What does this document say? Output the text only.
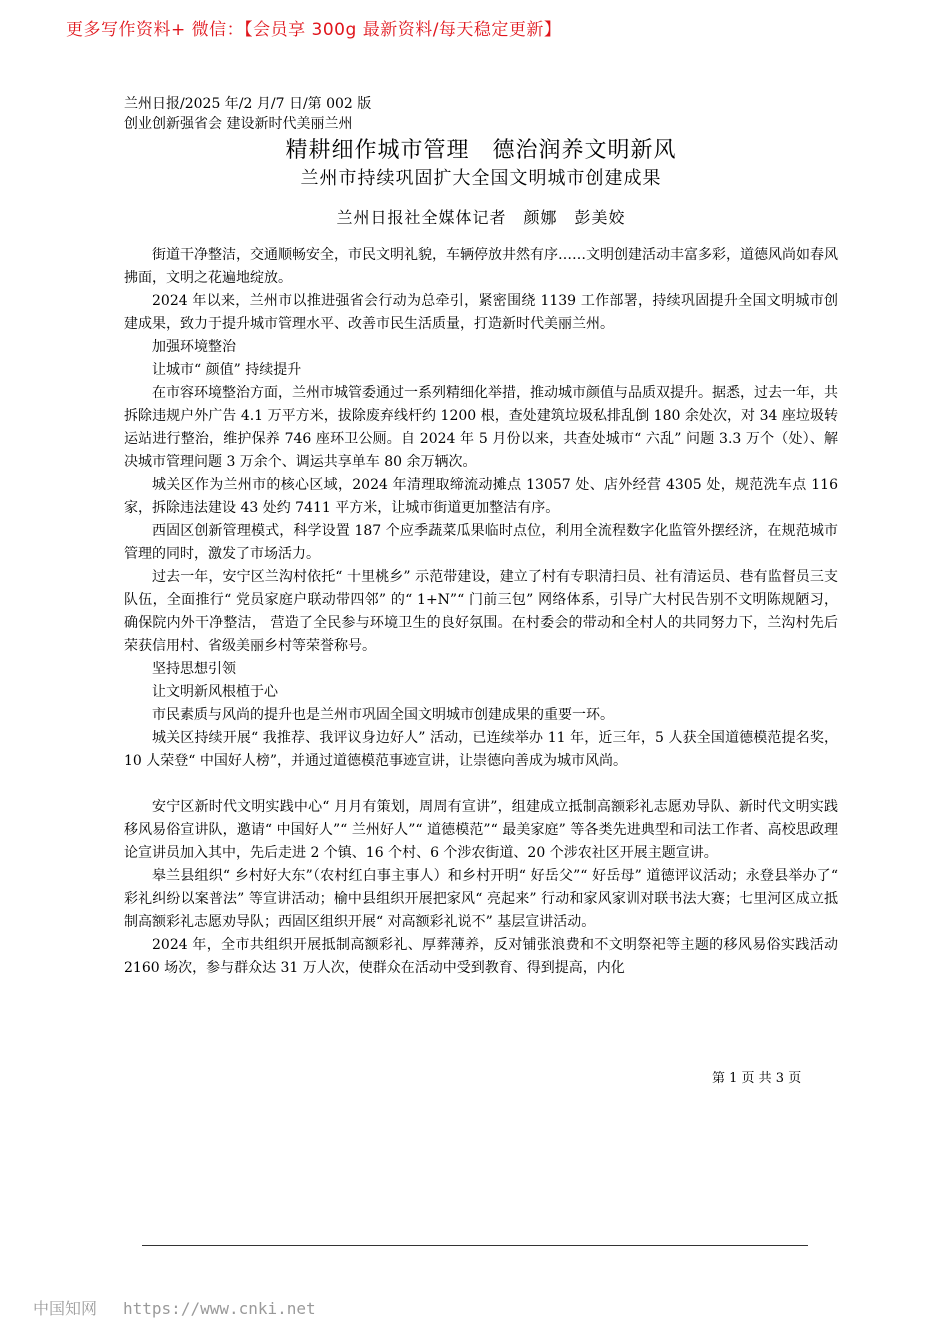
更多写作资料+ 微信：【会员享 300g 最新资料/每天稳定更新】
兰州日报/2025 年/2 月/7 日/第 002 版
创业创新强省会 建设新时代美丽兰州
精耕细作城市管理　德治润养文明新风
兰州市持续巩固扩大全国文明城市创建成果
兰州日报社全媒体记者　颜娜　彭美姣

街道干净整洁，交通顺畅安全，市民文明礼貌，车辆停放井然有序……文明创建活动丰富多彩，道德风尚如春风拂面，文明之花遍地绽放。

2024 年以来，兰州市以推进强省会行动为总牵引，紧密围绕 1139 工作部署，持续巩固提升全国文明城市创建成果，致力于提升城市管理水平、改善市民生活质量，打造新时代美丽兰州。

加强环境整治

让城市“ 颜值” 持续提升

在市容环境整治方面，兰州市城管委通过一系列精细化举措，推动城市颜值与品质双提升。据悉，过去一年，共拆除违规户外广告 4.1 万平方米，拔除废弃线杆约 1200 根，查处建筑垃圾私排乱倒 180 余处次，对 34 座垃圾转运站进行整治，维护保养 746 座环卫公厕。自 2024 年 5 月份以来，共查处城市“ 六乱” 问题 3.3 万个（处）、解决城市管理问题 3 万余个、调运共享单车 80 余万辆次。

城关区作为兰州市的核心区域，2024 年清理取缔流动摊点 13057 处、店外经营 4305 处，规范洗车点 116 家，拆除违法建设 43 处约 7411 平方米，让城市街道更加整洁有序。

西固区创新管理模式，科学设置 187 个应季蔬菜瓜果临时点位，利用全流程数字化监管外摆经济，在规范城市管理的同时，激发了市场活力。

过去一年，安宁区兰沟村依托“ 十里桃乡” 示范带建设，建立了村有专职清扫员、社有清运员、巷有监督员三支队伍，全面推行“ 党员家庭户联动带四邻” 的“ 1+N”“ 门前三包” 网络体系，引导广大村民告别不文明陈规陋习， 确保院内外干净整洁， 营造了全民参与环境卫生的良好氛围。在村委会的带动和全村人的共同努力下，兰沟村先后荣获信用村、省级美丽乡村等荣誉称号。

坚持思想引领

让文明新风根植于心

市民素质与风尚的提升也是兰州市巩固全国文明城市创建成果的重要一环。

城关区持续开展“ 我推荐、我评议身边好人” 活动，已连续举办 11 年，近三年，5 人获全国道德模范提名奖，10 人荣登“ 中国好人榜”，并通过道德模范事迹宣讲，让崇德向善成为城市风尚。

安宁区新时代文明实践中心“ 月月有策划，周周有宣讲”，组建成立抵制高额彩礼志愿劝导队、新时代文明实践移风易俗宣讲队，邀请“ 中国好人”“ 兰州好人”“ 道德模范”“ 最美家庭” 等各类先进典型和司法工作者、高校思政理论宣讲员加入其中，先后走进 2 个镇、16 个村、6 个涉农街道、20 个涉农社区开展主题宣讲。

皋兰县组织“ 乡村好大东”（农村红白事主事人）和乡村开明“ 好岳父”“ 好岳母” 道德评议活动；永登县举办了“ 彩礼纠纷以案普法” 等宣讲活动；榆中县组织开展把家风“ 亮起来” 行动和家风家训对联书法大赛；七里河区成立抵制高额彩礼志愿劝导队；西固区组织开展“ 对高额彩礼说不” 基层宣讲活动。

2024 年，全市共组织开展抵制高额彩礼、厚葬薄养，反对铺张浪费和不文明祭祀等主题的移风易俗实践活动 2160 场次，参与群众达 31 万人次，使群众在活动中受到教育、得到提高，内化

第 1 页 共 3 页
中国知网 https://www.cnki.net
